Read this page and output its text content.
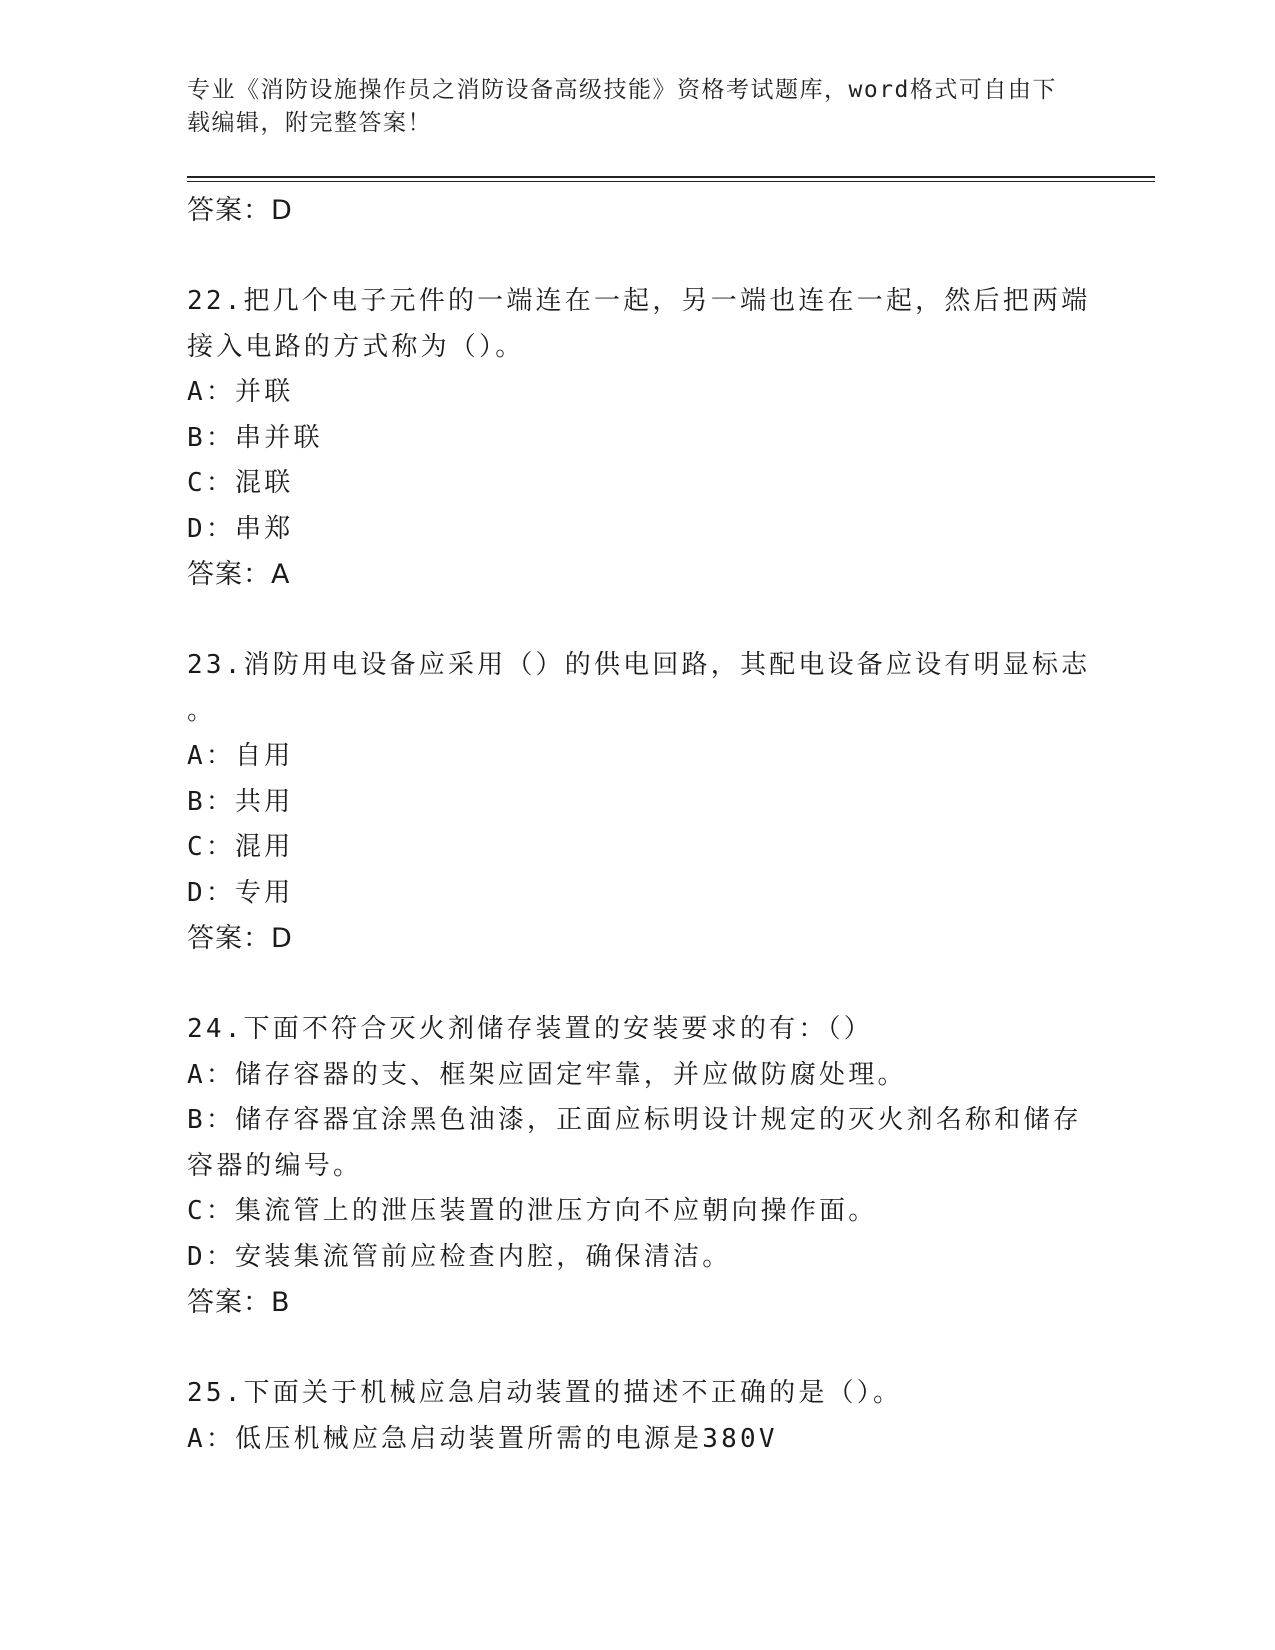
专业《消防设施操作员之消防设备高级技能》资格考试题库，word格式可自由下
载编辑，附完整答案！
答案：D
22.把几个电子元件的一端连在一起，另一端也连在一起，然后把两端
接入电路的方式称为（）。
A：并联
B：串并联
C：混联
D：串郑
答案：A
23.消防用电设备应采用（）的供电回路，其配电设备应设有明显标志
。
A：自用
B：共用
C：混用
D：专用
答案：D
24.下面不符合灭火剂储存装置的安装要求的有：（）
A：储存容器的支、框架应固定牢靠，并应做防腐处理。
B：储存容器宜涂黑色油漆，正面应标明设计规定的灭火剂名称和储存
容器的编号。
C：集流管上的泄压装置的泄压方向不应朝向操作面。
D：安装集流管前应检查内腔，确保清洁。
答案：B
25.下面关于机械应急启动装置的描述不正确的是（）。
A：低压机械应急启动装置所需的电源是380V
